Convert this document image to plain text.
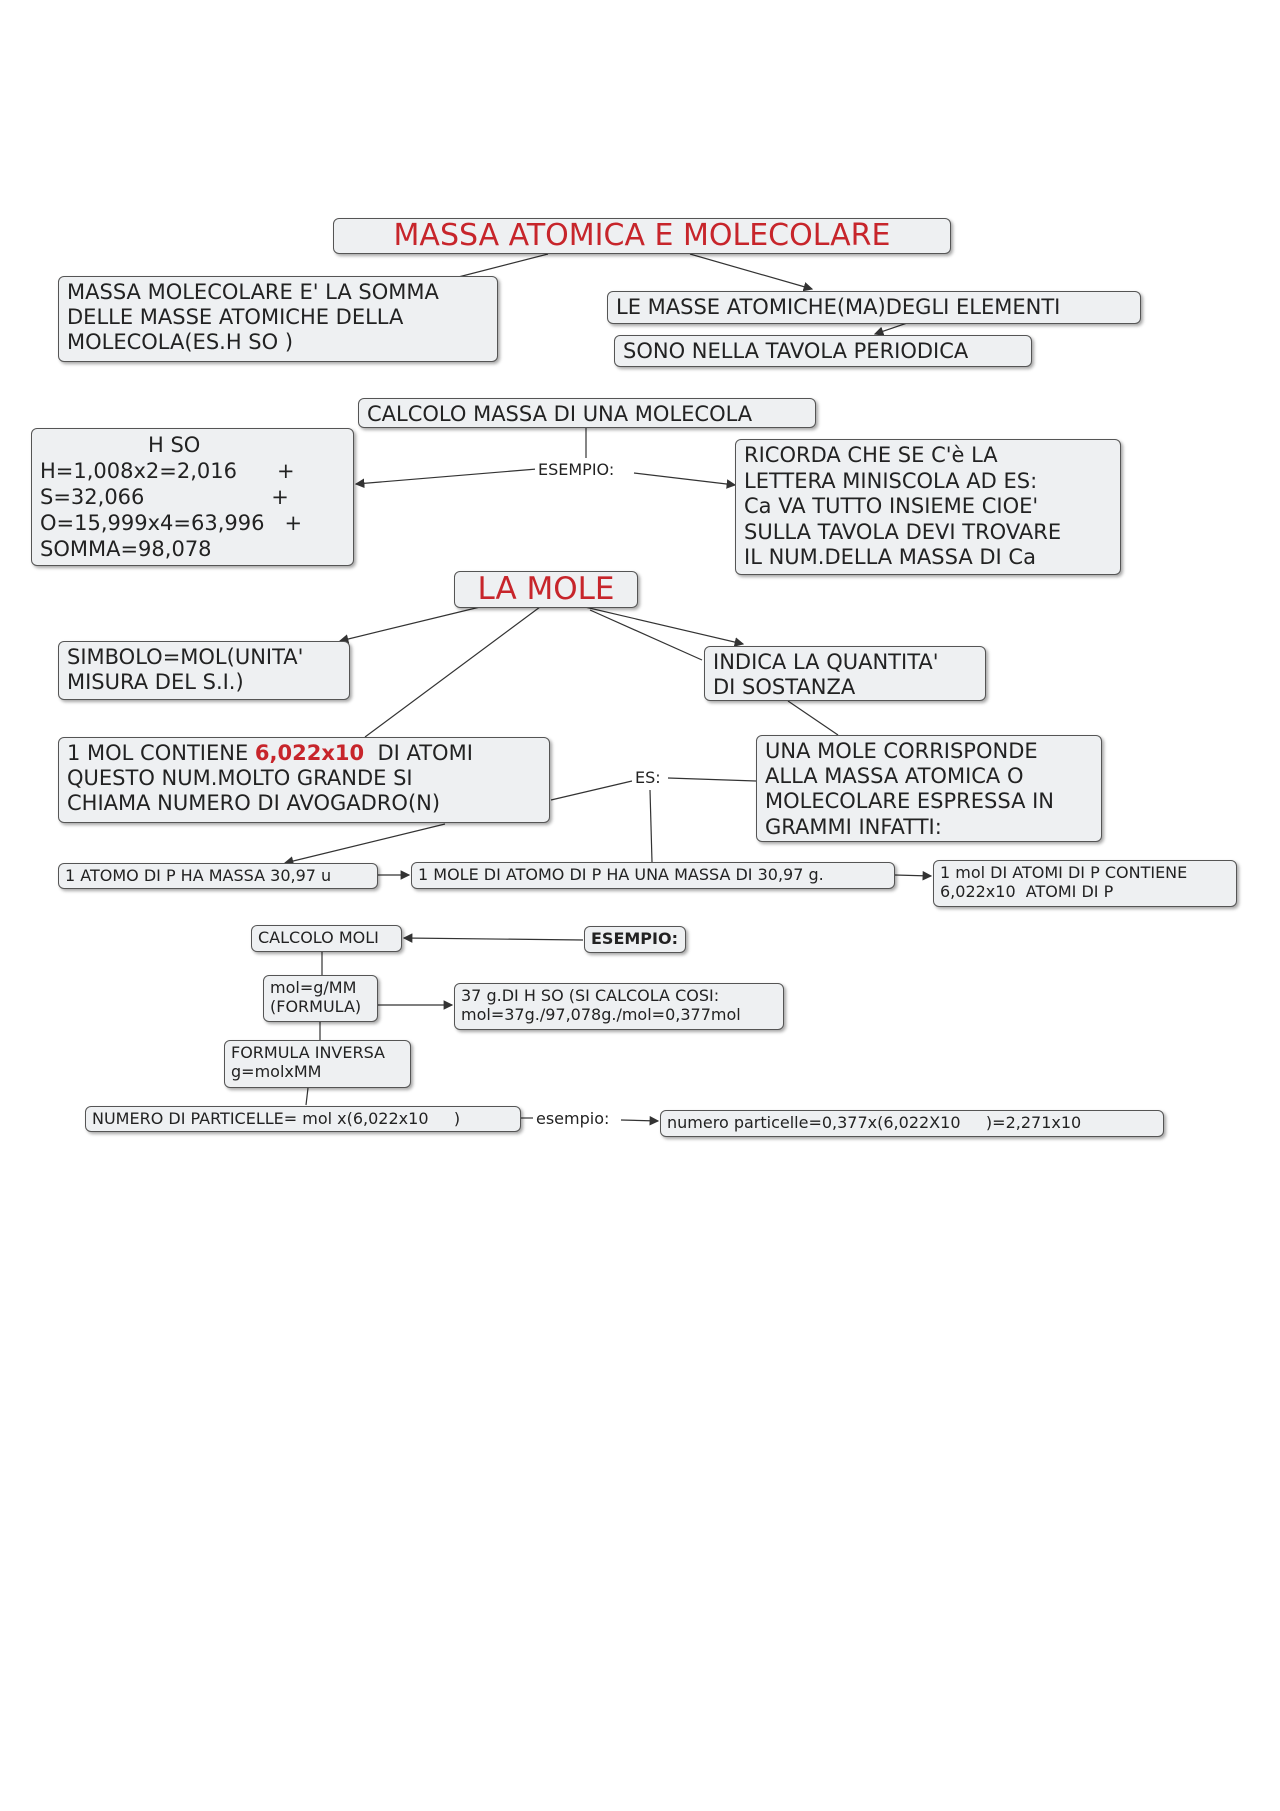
MASSA ATOMICA E MOLECOLARE
MASSA MOLECOLARE E' LA SOMMA
DELLE MASSE ATOMICHE DELLA
MOLECOLA(ES.H SO )
LE MASSE ATOMICHE(MA)DEGLI ELEMENTI
SONO NELLA TAVOLA PERIODICA
CALCOLO MASSA DI UNA MOLECOLA
ESEMPIO:
H SO
H=1,008x2=2,016      +
S=32,066                   +
O=15,999x4=63,996   +
SOMMA=98,078
RICORDA CHE SE C'è LA
LETTERA MINISCOLA AD ES:
Ca VA TUTTO INSIEME CIOE'
SULLA TAVOLA DEVI TROVARE
IL NUM.DELLA MASSA DI Ca
LA MOLE
SIMBOLO=MOL(UNITA'
MISURA DEL S.I.)
INDICA LA QUANTITA'
DI SOSTANZA
1 MOL CONTIENE 6,022x10  DI ATOMI
QUESTO NUM.MOLTO GRANDE SI
CHIAMA NUMERO DI AVOGADRO(N)
ES:
UNA MOLE CORRISPONDE
ALLA MASSA ATOMICA O
MOLECOLARE ESPRESSA IN
GRAMMI INFATTI:
1 ATOMO DI P HA MASSA 30,97 u	1 MOLE DI ATOMO DI P HA UNA MASSA DI 30,97 g.	1 mol DI ATOMI DI P CONTIENE
6,022x10  ATOMI DI P
CALCOLO MOLI	ESEMPIO:
mol=g/MM
(FORMULA)
37 g.DI H SO (SI CALCOLA COSI:
mol=37g./97,078g./mol=0,377mol
FORMULA INVERSA
g=molxMM
NUMERO DI PARTICELLE= mol x(6,022x10     )	esempio:	numero particelle=0,377x(6,022X10     )=2,271x10
